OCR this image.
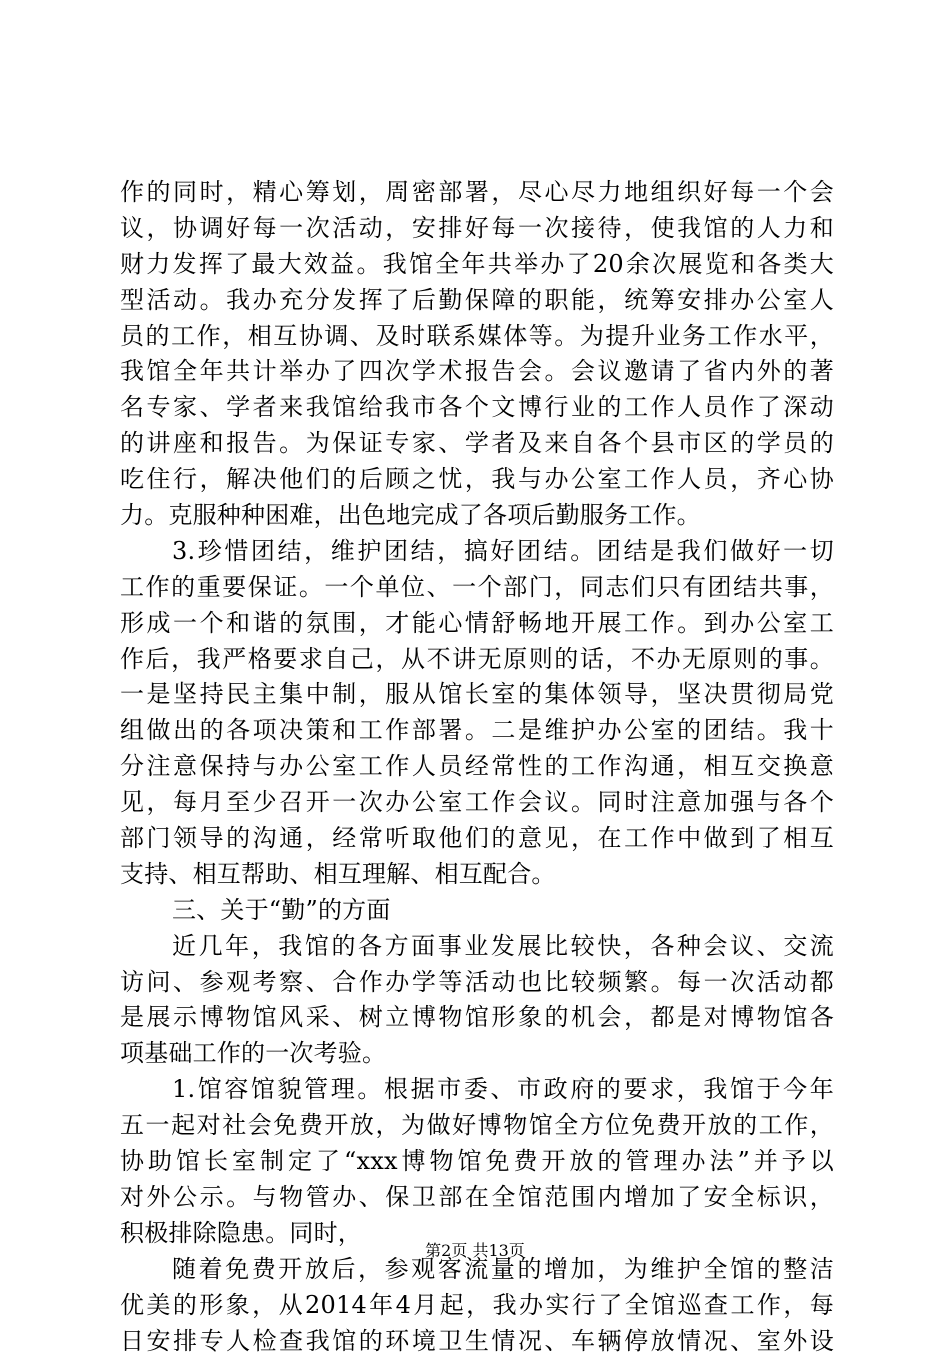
作的同时，精心筹划，周密部署，尽心尽力地组织好每一个会
议，协调好每一次活动，安排好每一次接待，使我馆的人力和
财力发挥了最大效益。我馆全年共举办了20余次展览和各类大
型活动。我办充分发挥了后勤保障的职能，统筹安排办公室人
员的工作，相互协调、及时联系媒体等。为提升业务工作水平，
我馆全年共计举办了四次学术报告会。会议邀请了省内外的著
名专家、学者来我馆给我市各个文博行业的工作人员作了深动
的讲座和报告。为保证专家、学者及来自各个县市区的学员的
吃住行，解决他们的后顾之忧，我与办公室工作人员，齐心协
力。克服种种困难，出色地完成了各项后勤服务工作。
3.珍惜团结，维护团结，搞好团结。团结是我们做好一切
工作的重要保证。一个单位、一个部门，同志们只有团结共事，
形成一个和谐的氛围，才能心情舒畅地开展工作。到办公室工
作后，我严格要求自己，从不讲无原则的话，不办无原则的事。
一是坚持民主集中制，服从馆长室的集体领导，坚决贯彻局党
组做出的各项决策和工作部署。二是维护办公室的团结。我十
分注意保持与办公室工作人员经常性的工作沟通，相互交换意
见，每月至少召开一次办公室工作会议。同时注意加强与各个
部门领导的沟通，经常听取他们的意见，在工作中做到了相互
支持、相互帮助、相互理解、相互配合。
三、关于“勤”的方面
近几年，我馆的各方面事业发展比较快，各种会议、交流
访问、参观考察、合作办学等活动也比较频繁。每一次活动都
是展示博物馆风采、树立博物馆形象的机会，都是对博物馆各
项基础工作的一次考验。
1.馆容馆貌管理。根据市委、市政府的要求，我馆于今年
五一起对社会免费开放，为做好博物馆全方位免费开放的工作，
协助馆长室制定了“xxx博物馆免费开放的管理办法”并予以
对外公示。与物管办、保卫部在全馆范围内增加了安全标识，
积极排除隐患。同时，
随着免费开放后，参观客流量的增加，为维护全馆的整洁
优美的形象，从2014年4月起，我办实行了全馆巡查工作，每
日安排专人检查我馆的环境卫生情况、车辆停放情况、室外设
第2页 共13页
